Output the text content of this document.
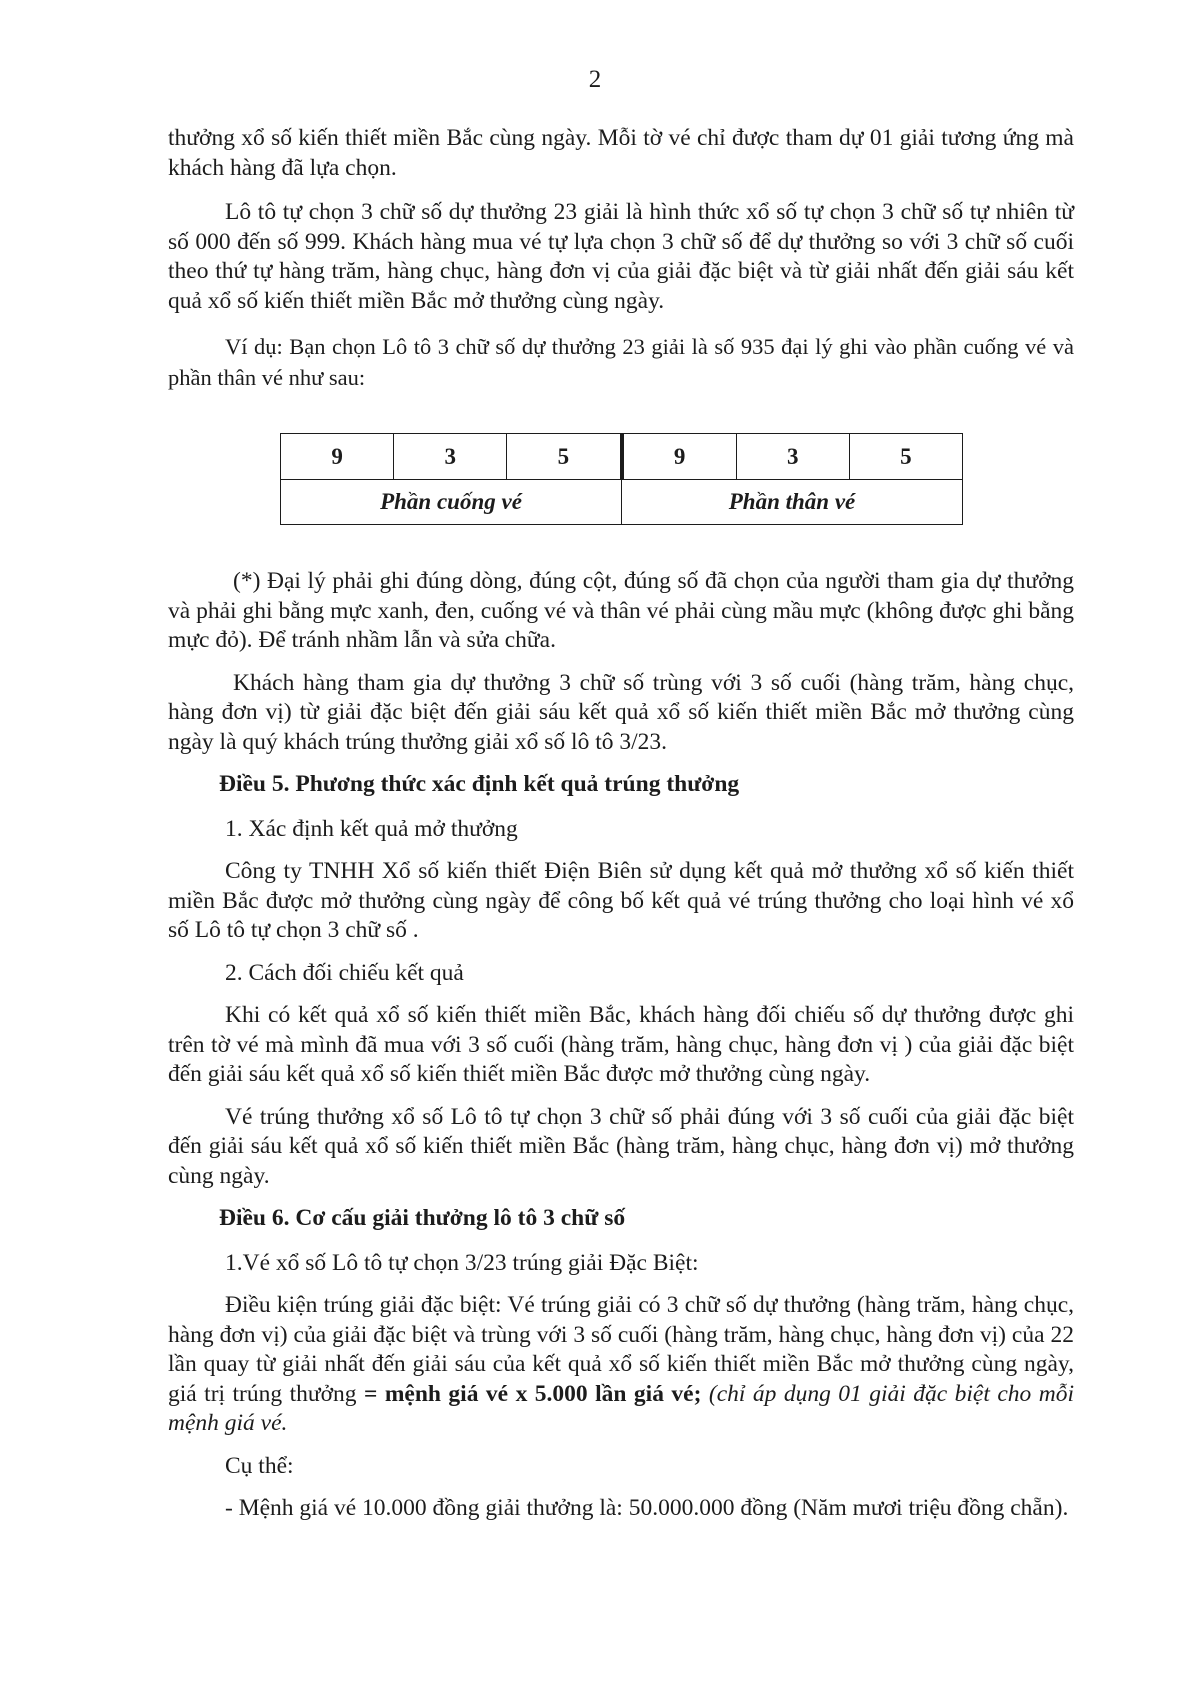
2

thưởng xổ số kiến thiết miền Bắc cùng ngày. Mỗi tờ vé chỉ được tham dự 01 giải tương ứng mà khách hàng đã lựa chọn.

Lô tô tự chọn 3 chữ số dự thưởng 23 giải là hình thức xổ số tự chọn 3 chữ số tự nhiên từ số 000 đến số 999. Khách hàng mua vé tự lựa chọn 3 chữ số để dự thưởng so với 3 chữ số cuối theo thứ tự hàng trăm, hàng chục, hàng đơn vị của giải đặc biệt và từ giải nhất đến giải sáu kết quả xổ số kiến thiết miền Bắc mở thưởng cùng ngày.

Ví dụ: Bạn chọn Lô tô 3 chữ số dự thưởng 23 giải là số 935 đại lý ghi vào phần cuống vé và phần thân vé như sau:

9	3	5	9	3	5
Phần cuống vé			Phần thân vé		

(*) Đại lý phải ghi đúng dòng, đúng cột, đúng số đã chọn của người tham gia dự thưởng và phải ghi bằng mực xanh, đen, cuống vé và thân vé phải cùng mầu mực (không được ghi bằng mực đỏ). Để tránh nhầm lẫn và sửa chữa.

Khách hàng tham gia dự thưởng 3 chữ số trùng với 3 số cuối (hàng trăm, hàng chục, hàng đơn vị) từ giải đặc biệt đến giải sáu kết quả xổ số kiến thiết miền Bắc mở thưởng cùng ngày là quý khách trúng thưởng giải xổ số lô tô 3/23.

Điều 5. Phương thức xác định kết quả trúng thưởng

1. Xác định kết quả mở thưởng

Công ty TNHH Xổ số kiến thiết Điện Biên sử dụng kết quả mở thưởng xổ số kiến thiết miền Bắc được mở thưởng cùng ngày để công bố kết quả vé trúng thưởng cho loại hình vé xổ số Lô tô tự chọn 3 chữ số .

2. Cách đối chiếu kết quả

Khi có kết quả xổ số kiến thiết miền Bắc, khách hàng đối chiếu số dự thưởng được ghi trên tờ vé mà mình đã mua với 3 số cuối (hàng trăm, hàng chục, hàng đơn vị ) của giải đặc biệt đến giải sáu kết quả xổ số kiến thiết miền Bắc được mở thưởng cùng ngày.

Vé trúng thưởng xổ số Lô tô tự chọn 3 chữ số phải đúng với 3 số cuối của giải đặc biệt đến giải sáu kết quả xổ số kiến thiết miền Bắc (hàng trăm, hàng chục, hàng đơn vị) mở thưởng cùng ngày.

Điều 6. Cơ cấu giải thưởng lô tô 3 chữ số

1.Vé xổ số Lô tô tự chọn 3/23 trúng giải Đặc Biệt:

Điều kiện trúng giải đặc biệt: Vé trúng giải có 3 chữ số dự thưởng (hàng trăm, hàng chục, hàng đơn vị) của giải đặc biệt và trùng với 3 số cuối (hàng trăm, hàng chục, hàng đơn vị) của 22 lần quay từ giải nhất đến giải sáu của kết quả xổ số kiến thiết miền Bắc mở thưởng cùng ngày, giá trị trúng thưởng = mệnh giá vé x 5.000 lần giá vé; (chỉ áp dụng 01 giải đặc biệt cho mỗi mệnh giá vé.

Cụ thể:

- Mệnh giá vé 10.000 đồng giải thưởng là: 50.000.000 đồng (Năm mươi triệu đồng chẵn).
